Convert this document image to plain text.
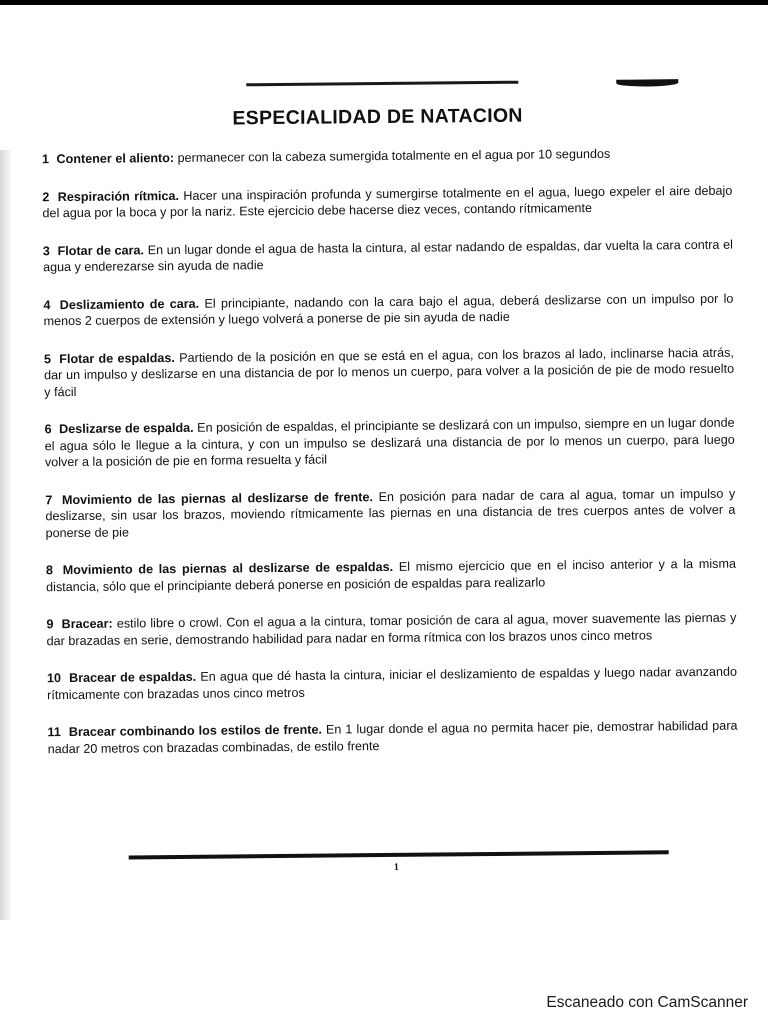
ESPECIALIDAD DE NATACION

1 Contener el aliento: permanecer con la cabeza sumergida totalmente en el agua por 10 segundos

2 Respiración rítmica. Hacer una inspiración profunda y sumergirse totalmente en el agua, luego expeler el aire debajo del agua por la boca y por la nariz. Este ejercicio debe hacerse diez veces, contando rítmicamente

3 Flotar de cara. En un lugar donde el agua de hasta la cintura, al estar nadando de espaldas, dar vuelta la cara contra el agua y enderezarse sin ayuda de nadie

4 Deslizamiento de cara. El principiante, nadando con la cara bajo el agua, deberá deslizarse con un impulso por lo menos 2 cuerpos de extensión y luego volverá a ponerse de pie sin ayuda de nadie

5 Flotar de espaldas. Partiendo de la posición en que se está en el agua, con los brazos al lado, inclinarse hacia atrás, dar un impulso y deslizarse en una distancia de por lo menos un cuerpo, para volver a la posición de pie de modo resuelto y fácil

6 Deslizarse de espalda. En posición de espaldas, el principiante se deslizará con un impulso, siempre en un lugar donde el agua sólo le llegue a la cintura, y con un impulso se deslizará una distancia de por lo menos un cuerpo, para luego volver a la posición de pie en forma resuelta y fácil

7 Movimiento de las piernas al deslizarse de frente. En posición para nadar de cara al agua, tomar un impulso y deslizarse, sin usar los brazos, moviendo rítmicamente las piernas en una distancia de tres cuerpos antes de volver a ponerse de pie

8 Movimiento de las piernas al deslizarse de espaldas. El mismo ejercicio que en el inciso anterior y a la misma distancia, sólo que el principiante deberá ponerse en posición de espaldas para realizarlo

9 Bracear: estilo libre o crowl. Con el agua a la cintura, tomar posición de cara al agua, mover suavemente las piernas y dar brazadas en serie, demostrando habilidad para nadar en forma rítmica con los brazos unos cinco metros

10 Bracear de espaldas. En agua que dé hasta la cintura, iniciar el deslizamiento de espaldas y luego nadar avanzando rítmicamente con brazadas unos cinco metros

11 Bracear combinando los estilos de frente. En 1 lugar donde el agua no permita hacer pie, demostrar habilidad para nadar 20 metros con brazadas combinadas, de estilo frente

1
Escaneado con CamScanner
